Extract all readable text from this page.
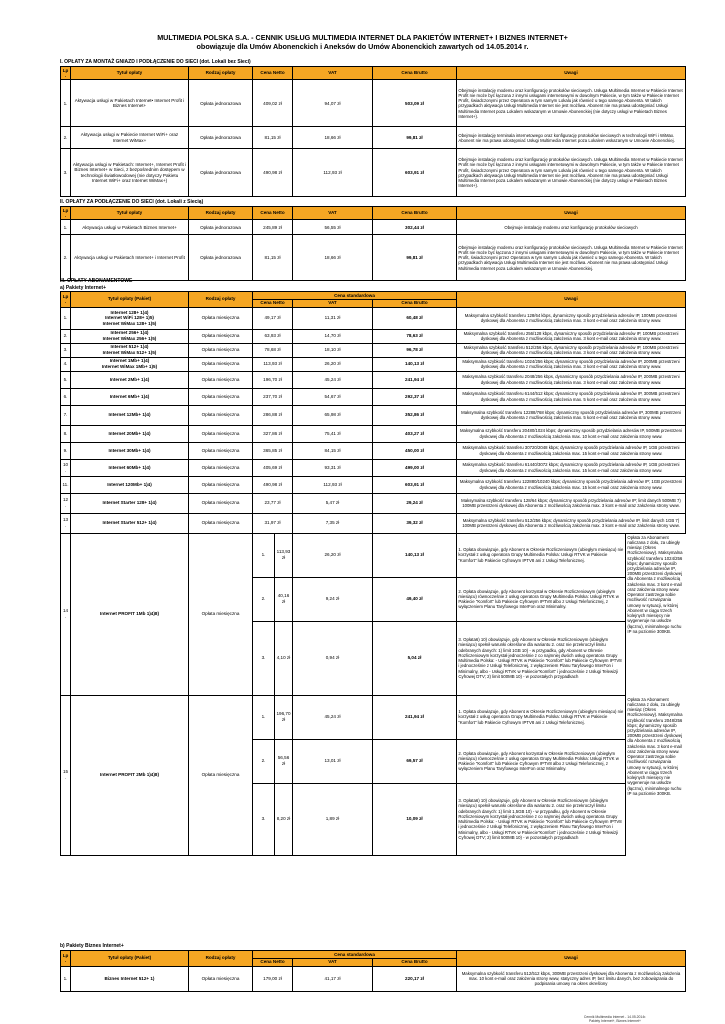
MULTIMEDIA POLSKA S.A. - CENNIK USŁUG MULTIMEDIA INTERNET DLA PAKIETÓW INTERNET+ I BIZNES INTERNET+
obowiązuje dla Umów Abonenckich i Aneksów do Umów Abonenckich zawartych od 14.05.2014 r.
I. OPŁATY ZA MONTAŻ GNIAZD I PODŁĄCZENIE DO SIECI (dot. Lokali bez Sieci)
Lp.	Tytuł opłaty	Rodzaj opłaty	Cena Netto	VAT	Cena Brutto	Uwagi
1.	Aktywacja usługi w Pakietach Internet• Internet Profit i Biznes Internet+	Opłata jednorazowa	409,02 zł	94,07 zł	503,09 zł	Obejmuje instalację modemu oraz konfigurację protokołów sieciowych. Usługa Multimedia Internet w Pakiecie Internet Profit nie może być łączona z innymi usługami internetowymi w dowolnym Pakiecie, w tym także w Pakiecie Internet Profit, świadczonymi przez Operatora w tym samym Lokalu jak również u tego samego Abonenta. W takich przypadkach aktywacja Usługi Multimedia Internet nie jest możliwa. Abonent nie ma prawa udostępniać Usługi Multimedia Internet poza Lokalem wskazanym w Umowie Abonenckiej (nie dotyczy usługi w Pakietach Biznes Internet+).
2.	Aktywacja usługi w Pakiecie Internet WiFi+ oraz Internet WiMax+	Opłata jednorazowa	81,15 zł	18,66 zł	99,81 zł	Obejmuje instalację terminala internetowego oraz konfigurację protokołów sieciowych w technologii WiFi i WiMax. Abonent nie ma prawa udostępniać Usługi Multimedia Internet poza Lokalem wskazanym w Umowie Abonenckiej.
3.	Aktywacja usługi w Pakietach: Internet+, Internet Profit i Biznes Internet+ w Sieci, z bezpośrednim dostępem w technologii światłowodowej (nie dotyczy Pakietu Internet WiFi+ oraz Internet WiMax+)	Opłata jednorazowa	490,98 zł	112,93 zł	603,91 zł	Obejmuje instalację modemu oraz konfigurację protokołów sieciowych. Usługa Multimedia Internet w Pakiecie Internet Profit nie może być łączona z innymi usługami internetowymi w dowolnym Pakiecie, w tym także w Pakiecie Internet Profit, świadczonymi przez Operatora w tym samym Lokalu jak również u tego samego Abonenta. W takich przypadkach aktywacja Usługi Multimedia Internet nie jest możliwa. Abonent nie ma prawa udostępniać Usługi Multimedia Internet poza Lokalem wskazanym w Umowie Abonenckiej (nie dotyczy usługi w Pakietach Biznes Internet+).
II. OPŁATY ZA PODŁĄCZENIE DO SIECI (dot. Lokali z Siecią)
Lp.	Tytuł opłaty	Rodzaj opłaty	Cena Netto	VAT	Cena Brutto	Uwagi
1.	Aktywacja usługi w Pakietach Biznes Internet+	Opłata jednorazowa	245,89 zł	56,55 zł	302,44 zł	Obejmuje instalację modemu oraz konfigurację protokołów sieciowych
2.	Aktywacja usługi w Pakietach Internet+ i Internet Profit	Opłata jednorazowa	81,15 zł	18,66 zł	99,81 zł	Obejmuje instalację modemu oraz konfigurację protokołów sieciowych. Usługa Multimedia Internet w Pakiecie Internet Profit nie może być łączona z innymi usługami internetowymi w dowolnym Pakiecie, w tym także w Pakiecie Internet Profit, świadczonymi przez Operatora w tym samym Lokalu jak również u tego samego Abonenta. W takich przypadkach aktywacja Usługi Multimedia Internet nie jest możliwa. Abonent nie ma prawa udostępniać Usługi Multimedia Internet poza Lokalem wskazanym w Umowie Abonenckiej.
III. OPŁATY ABONAMENTOWE
a) Pakiety Internet+
Lp.	Tytuł opłaty (Pakiet)	Rodzaj opłaty	Cena standardowa				Uwagi
			Cena Netto		VAT	Cena Brutto	
1.	Internet 128+ 1)4)
Internet WiFi 128+ 1)5)
Internet WiMax 128+ 1)5)	Opłata miesięczna	49,17 zł		11,31 zł	60,48 zł	Maksymalna szybkość transferu 128/64 kbps, dynamiczny sposób przydzielania adresów IP, 100MB przestrzeni dyskowej dla Abonenta z możliwością założenia max. 3 kont e-mail oraz założenia strony www.
2.	Internet 256+ 1)4)
Internet WiMax 256+ 1)5)	Opłata miesięczna	63,93 zł		14,70 zł	78,63 zł	Maksymalna szybkość transferu 256/128 kbps, dynamiczny sposób przydzielania adresów IP, 100MB przestrzeni dyskowej dla Abonenta z możliwością założenia max. 3 kont e-mail oraz założenia strony www.
3.	Internet 512+ 1)4)
Internet WiMax 512+ 1)5)	Opłata miesięczna	78,68 zł		18,10 zł	96,78 zł	Maksymalna szybkość transferu 512/256 kbps, dynamiczny sposób przydzielania adresów IP, 100MB przestrzeni dyskowej dla Abonenta z możliwością założenia max. 3 kont e-mail oraz założenia strony www.
4.	Internet 1Mb+ 1)4)
Internet WiMax 1Mb+ 1)5)	Opłata miesięczna	113,93 zł		26,20 zł	140,13 zł	Maksymalna szybkość transferu 1024/256 kbps; dynamiczny sposób przydzielania adresów IP, 200MB przestrzeni dyskowej dla Abonenta z możliwością założenia max. 3 kont e-mail oraz założenia strony www.
5.	Internet 2Mb+ 1)4)	Opłata miesięczna	196,70 zł		45,24 zł	241,94 zł	Maksymalna szybkość transferu 2048/256 kbps, dynamiczny sposób przydzielania adresów IP, 200MB przestrzeni dyskowej dla Abonenta z możliwością założenia max. 3 kont e-mail oraz założenia strony www.
6.	Internet 6Mb+ 1)4)	Opłata miesięczna	237,70 zł		54,67 zł	292,37 zł	Maksymalna szybkość transferu 6144/512 kbps; dynamiczny sposób przydzielania adresów IP, 300MB przestrzeni dyskowej dla Abonenta z możliwością założenia max. 5 kont e-mail oraz założenia strony www.
7.	Internet 12Mb+ 1)4)	Opłata miesięczna	286,88 zł		65,98 zł	352,86 zł	Maksymalna szybkość transferu 12288/768 kbps; dynamiczny sposób przydzielania adresów IP, 300MB przestrzeni dyskowej dla Abonenta z możliwością założenia max. 5 kont e-mail oraz założenia strony www.
8.	Internet 20Mb+ 1)4)	Opłata miesięczna	327,86 zł		75,41 zł	403,27 zł	Maksymalna szybkość transferu 20480/1024 kbps; dynamiczny sposób przydzielania adresów IP, 500MB przestrzeni dyskowej dla Abonenta z możliwością założenia max. 10 kont e-mail oraz założenia strony www.
9.	Internet 30Mb+ 1)4)	Opłata miesięczna	365,85 zł		84,15 zł	450,00 zł	Maksymalna szybkość transferu 30720/2048 kbps; dynamiczny sposób przydzielania adresów IP, 1GB przestrzeni dyskowej dla Abonenta z możliwością założenia max. 15 kont e-mail oraz założenia strony www.
10.	Internet 60Mb+ 1)4)	Opłata miesięczna	405,69 zł		93,31 zł	499,00 zł	Maksymalna szybkość transferu 61440/3072 kbps; dynamiczny sposób przydzielania adresów IP, 1GB przestrzeni dyskowej dla Abonenta z możliwością założenia max. 15 kont e-mail oraz założenia strony www.
11.	Internet 120Mb+ 1)4)	Opłata miesięczna	490,98 zł		112,93 zł	603,91 zł	Maksymalna szybkość transferu 122880/10240 kbps; dynamiczny sposób przydzielania adresów IP; 1GB przestrzeni dyskowej dla Abonenta z możliwością założenia max. 15 kont e-mail oraz założenia strony www.
12.	Internet Starter 128+ 1)4)	Opłata miesięczna	23,77 zł		5,47 zł	29,24 zł	Maksymalna szybkość transferu 128/64 kbps; dynamiczny sposób przydzielania adresów IP; limit danych 500MB 7) 100MB przestrzeni dyskowej dla Abonenta z możliwością założenia max. 3 kont e-mail oraz założenia strony www.
13.	Internet Starter 512+ 1)4)	Opłata miesięczna	31,97 zł		7,35 zł	39,32 zł	Maksymalna szybkość transferu 512/256 kbps; dynamiczny sposób przydzielania adresów IP, limit danych 1GB 7) 100MB przestrzeni dyskowej dla Abonenta z możliwością założenia max. 3 kont e-mail oraz założenia strony www.
14.	Internet PROFIT 1Mb 1)4)8)	Opłata miesięczna	1.	113,93 zł	26,20 zł	140,13 zł	1. Opłata obowiązuje, gdy Abonent w Okresie Rozliczeniowym (ubiegłym miesiącu) nie korzystał z usług operatora Grupy Multimedia Polska: Usługi RTVK w Pakiecie "Komfort" lub Pakiecie Cyfrowym IPTV8 ani z Usługi Telefonicznej.
Opłata za Abonament naliczana z dołu, za ubiegły miesiąc (Okres Rozliczeniowy). Maksymalna szybkość transferu 1024/256 kbps; dynamiczny sposób przydzielania adresów IP, 200MB przestrzeni dyskowej dla Abonenta z możliwością założenia max. 3 kont e-mail oraz założenia strony www. Operator zastrzega sobie możliwość rozwiązania umowy w sytuacji, w której Abonent w ciągu trzech kolejnych miesięcy nie wygeneruje na usłudze (łącznu), minimalnego ruchu IP na poziomie 300KB.

			2.	40,16 zł	9,24 zł	49,40 zł	2. Opłata obowiązuje, gdy Abonent korzystał w Okresie Rozliczeniowym (ubiegłym miesiącu) równocześnie z usług operatora Grupy Multimedia Polska: Usługi RTVK w Pakiecie "Komfort" lub Pakiecie Cyfrowym IPTV8 albo z Usługi Telefonicznej, z wyłączeniem Planu Taryfowego InterFon oraz Minimalny.

			3.	4,10 zł	0,94 zł	5,04 zł	3. Opłata6) 10) obowiązuje, gdy Abonent w Okresie Rozliczeniowym (ubiegłym miesiącu) spełnił warunki określone dla wariantu 2. oraz nie przekroczył limitu odebranych danych: 1) limit 1GB 10) - w przypadku, gdy Abonent w Okresie Rozliczeniowym korzystał jednocześnie z co najmniej dwóch usług operatora Grupy Multimedia Polska: - Usługi RTVK w Pakiecie "Komfort" lub Pakiecie Cyfrowym IPTV8 i jednocześnie z Usługi Telefonicznej, z wyłączeniem Planu Taryfowego InterFon i Minimalny, albo - Usługi RTVK w Pakiecie"Komfort" i jednocześnie z Usługi Telewizji Cyfrowej DTV; 2) limit 500MB 10) - w pozostałych przypadkach

15.	Internet PROFIT 2Mb 1)4)8)	Opłata miesięczna	1.	196,70 zł	45,24 zł	241,94 zł	1. Opłata obowiązuje, gdy Abonent w Okresie Rozliczeniowym (ubiegłym miesiącu) nie korzystał z usług operatora Grupy Multimedia Polska: Usługi RTVK w Pakiecie "Komfort" lub Pakiecie Cyfrowym IPTV8 ani z Usługi Telefonicznej.
Opłata za Abonament naliczana z dołu, za ubiegły miesiąc (Okres Rozliczeniowy). Maksymalna szybkość transferu 2048/256 kbps; dynamiczny sposób przydzielania adresów IP, 200MB przestrzeni dyskowej dla Abonenta z możliwością założenia max. 3 kont e-mail oraz założenia strony www. Operator zastrzega sobie możliwość rozwiązania umowy w sytuacji, w której Abonent w ciągu trzech kolejnych miesięcy nie wygeneruje na usłudze (łącznu), minimalnego ruchu IP na poziomie 300KB.

			2.	56,56 zł	13,01 zł	69,57 zł	2. Opłata obowiązuje, gdy Abonent korzystał w Okresie Rozliczeniowym (ubiegłym miesiącu) równocześnie z usług operatora Grupy Multimedia Polska: Usługi RTVK w Pakiecie "Komfort" lub Pakiecie Cyfrowym IPTV8 albo z Usługi Telefonicznej, z wyłączeniem Planu Taryfowego InterFon oraz Minimalny.

			3.	8,20 zł	1,89 zł	10,09 zł	3. Opłata6) 10) obowiązuje, gdy Abonent w Okresie Rozliczeniowym (ubiegłym miesiącu) spełnił warunki określone dla wariantu 2. oraz nie przekroczył limitu odebranych danych: 1) limit 1,5GB 10) - w przypadku, gdy Abonent w Okresie Rozliczeniowym korzystał jednocześnie z co najmniej dwóch usług operatora Grupy Multimedia Polska: - Usługi RTVK w Pakiecie "Komfort" lub Pakiecie Cyfrowym IPTV8 i jednocześnie z Usługi Telefonicznej, z wyłączeniem Planu Taryfowego InterFon i Minimalny, albo - Usługi RTVK w Pakiecie"Komfort" i jednocześnie z Usługi Telewizji Cyfrowej DTV; 2) limit 500MB 10) - w pozostałych przypadkach
b) Pakiety Biznes Internet+
Lp.	Tytuł opłaty (Pakiet)	Rodzaj opłaty	Cena standardowa			Uwagi
			Cena Netto	VAT	Cena Brutto	
1.	Biznes Internet 512+ 1)	Opłata miesięczna	179,00 zł	41,17 zł	220,17 zł	Maksymalna szybkość transferu 512/512 kbps, 300MB przestrzeni dyskowej dla Abonenta z możliwością założenia max. 10 kont e-mail oraz założenia strony www, statyczny adres IP, bez limitu danych, bez zobowiązania do podpisania umowy na okres określony
Cennik Multimedia Internet - 14.05.2014r.
Pakiety Internet+, Biznes Internet+
